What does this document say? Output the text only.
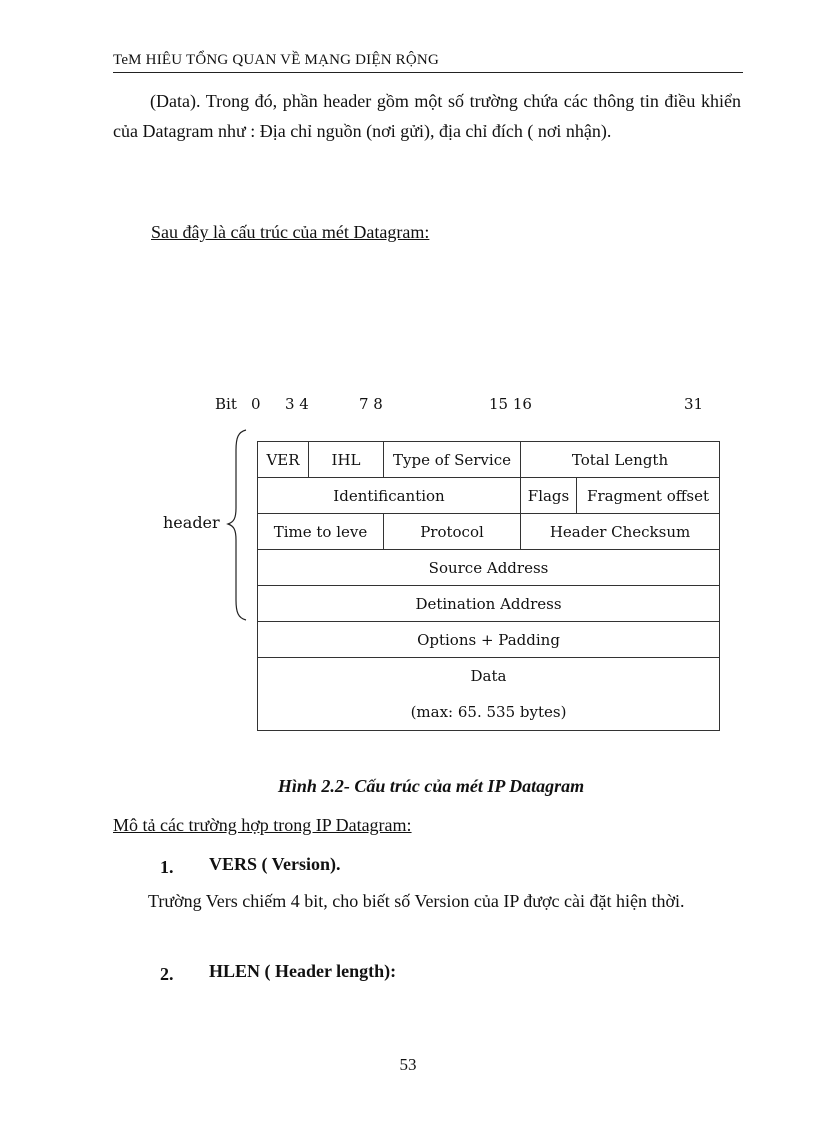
TeM HIÊU TỔNG QUAN VỀ MẠNG DIỆN RỘNG
(Data). Trong đó, phần header gồm một số trường chứa các thông tin điều khiển của Datagram như : Địa chỉ nguồn (nơi gửi), địa chỉ đích ( nơi nhận).
Sau đây là cấu trúc của mét Datagram:
Bit 0 3 4	7 8	15 16	31
header
VER	IHL	Type of Service	Total Length	
Identificantion			Flags	Fragment offset
Time to leve		Protocol	Header Checksum	
Source Address				
Detination Address				
Options + Padding				

Data
(max: 65. 535 bytes)				
Hình 2.2- Cấu trúc của mét IP Datagram
Mô tả các trường hợp trong IP Datagram:
1. VERS ( Version).
Trường Vers chiếm 4 bit, cho biết số Version của IP được cài đặt hiện thời.
2. HLEN ( Header length):
53
